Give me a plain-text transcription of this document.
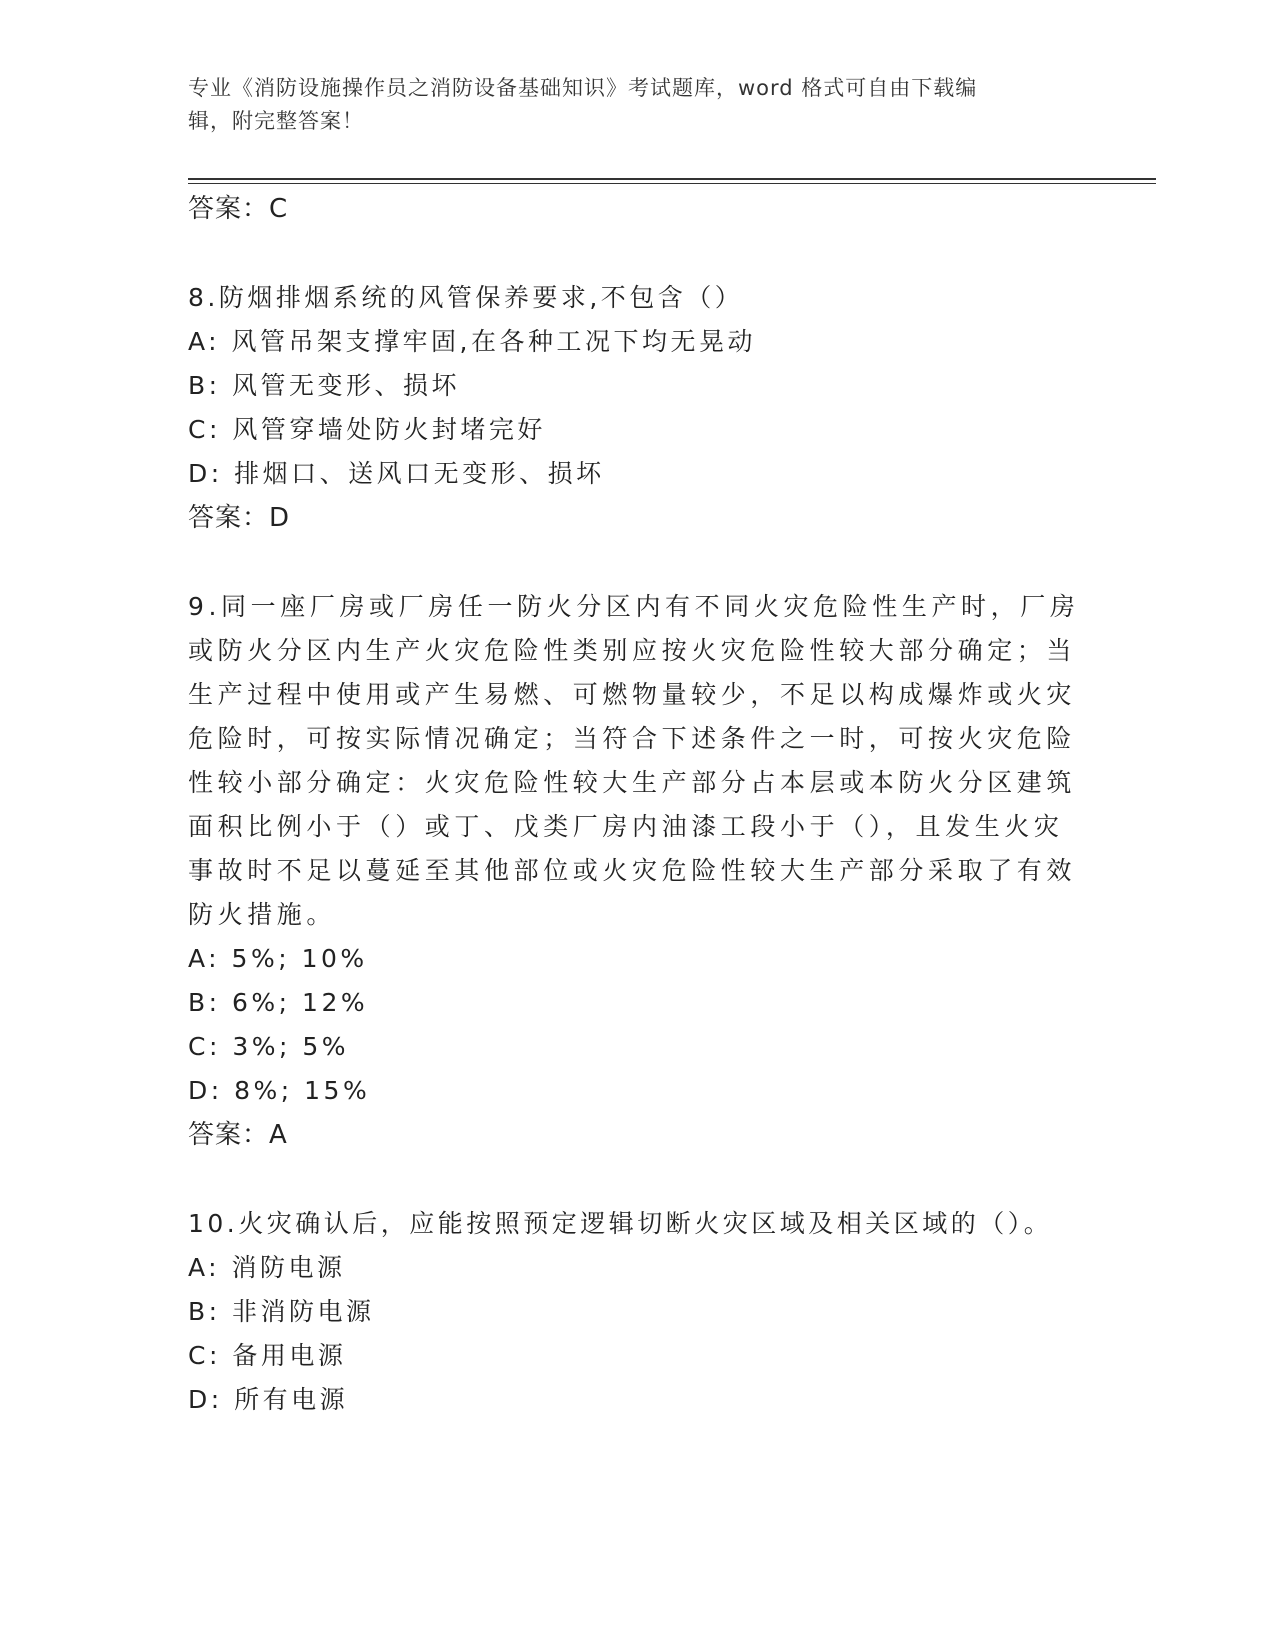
专业《消防设施操作员之消防设备基础知识》考试题库，word 格式可自由下载编
辑，附完整答案！
答案：C
8.防烟排烟系统的风管保养要求,不包含（）
A: 风管吊架支撑牢固,在各种工况下均无晃动
B: 风管无变形、损坏
C: 风管穿墙处防火封堵完好
D: 排烟口、送风口无变形、损坏
答案：D
9.同一座厂房或厂房任一防火分区内有不同火灾危险性生产时，厂房
或防火分区内生产火灾危险性类别应按火灾危险性较大部分确定；当
生产过程中使用或产生易燃、可燃物量较少，不足以构成爆炸或火灾
危险时，可按实际情况确定；当符合下述条件之一时，可按火灾危险
性较小部分确定：火灾危险性较大生产部分占本层或本防火分区建筑
面积比例小于（）或丁、戊类厂房内油漆工段小于（），且发生火灾
事故时不足以蔓延至其他部位或火灾危险性较大生产部分采取了有效
防火措施。
A: 5%; 10%
B: 6%; 12%
C: 3%; 5%
D: 8%; 15%
答案：A
10.火灾确认后，应能按照预定逻辑切断火灾区域及相关区域的（）。
A: 消防电源
B: 非消防电源
C: 备用电源
D: 所有电源
